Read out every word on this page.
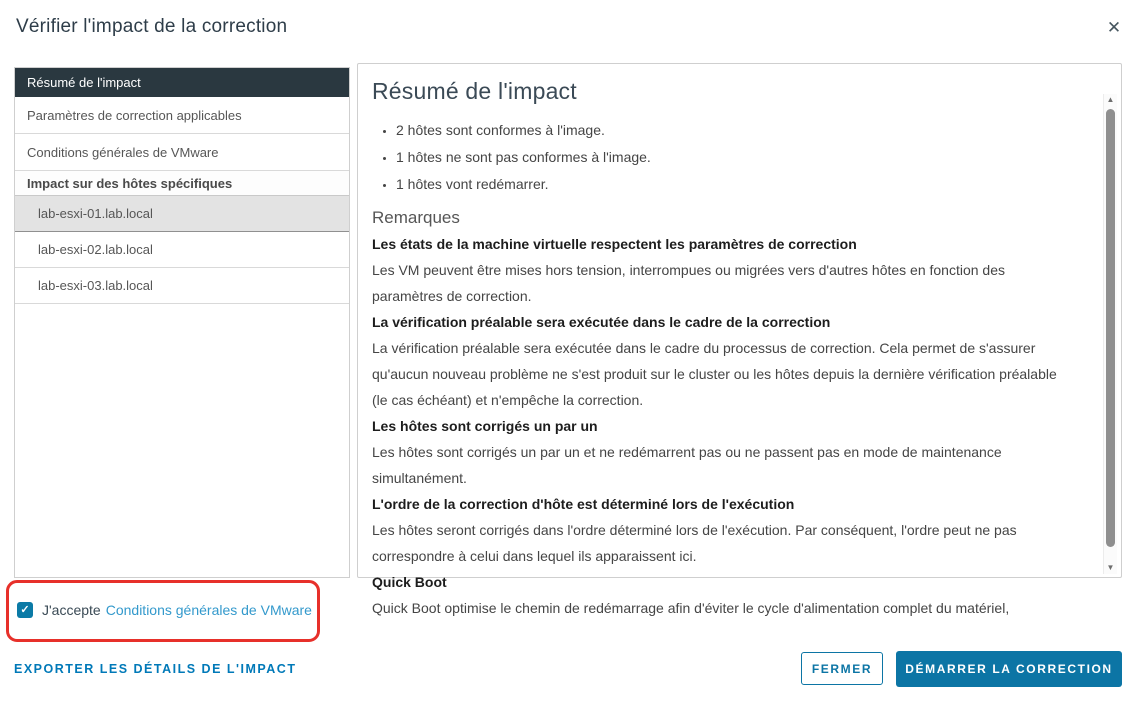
Vérifier l'impact de la correction	✕
Résumé de l'impact
Paramètres de correction applicables
Conditions générales de VMware
Impact sur des hôtes spécifiques
lab-esxi-01.lab.local
lab-esxi-02.lab.local
lab-esxi-03.lab.local
Résumé de l'impact
• 2 hôtes sont conformes à l'image.
• 1 hôtes ne sont pas conformes à l'image.
• 1 hôtes vont redémarrer.
Remarques
Les états de la machine virtuelle respectent les paramètres de correction
Les VM peuvent être mises hors tension, interrompues ou migrées vers d'autres hôtes en fonction des paramètres de correction.
La vérification préalable sera exécutée dans le cadre de la correction
La vérification préalable sera exécutée dans le cadre du processus de correction. Cela permet de s'assurer qu'aucun nouveau problème ne s'est produit sur le cluster ou les hôtes depuis la dernière vérification préalable (le cas échéant) et n'empêche la correction.
Les hôtes sont corrigés un par un
Les hôtes sont corrigés un par un et ne redémarrent pas ou ne passent pas en mode de maintenance simultanément.
L'ordre de la correction d'hôte est déterminé lors de l'exécution
Les hôtes seront corrigés dans l'ordre déterminé lors de l'exécution. Par conséquent, l'ordre peut ne pas correspondre à celui dans lequel ils apparaissent ici.
Quick Boot
Quick Boot optimise le chemin de redémarrage afin d'éviter le cycle d'alimentation complet du matériel,
▲
▼
✓ J'accepte Conditions générales de VMware
EXPORTER LES DÉTAILS DE L'IMPACT	FERMER	DÉMARRER LA CORRECTION
